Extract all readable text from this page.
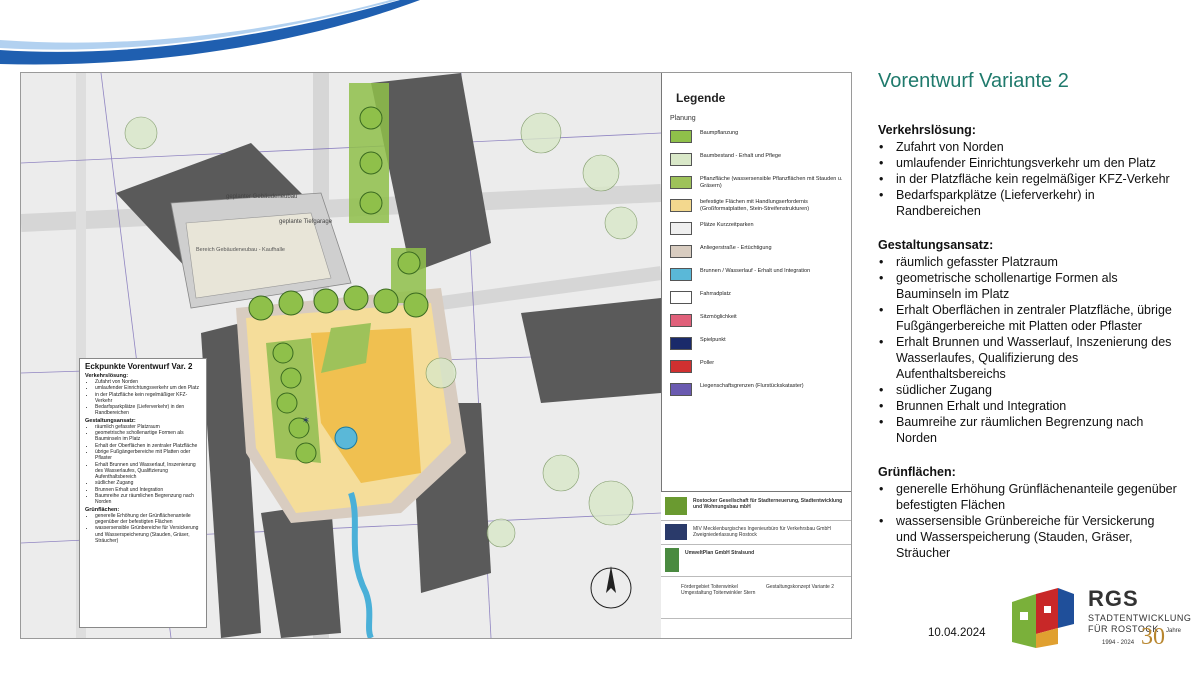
*
geplanter Gebäudeneubau
geplante Tiefgarage
Bereich Gebäudeneubau - Kaufhalle
Eckpunkte Vorentwurf Var. 2
Verkehrslösung:
• Zufahrt von Norden
• umlaufender Einrichtungsverkehr um den Platz
• in der Platzfläche kein regelmäßiger KFZ-Verkehr
• Bedarfsparkplätze (Lieferverkehr) in den Randbereichen
Gestaltungsansatz:
• räumlich gefasster Platzraum
• geometrische schollenartige Formen als Bauminseln im Platz
• Erhalt der Oberflächen in zentraler Platzfläche
• übrige Fußgängerbereiche mit Platten oder Pflaster
• Erhalt Brunnen und Wasserlauf, Inszenierung des Wasserlaufes, Qualifizierung Aufenthaltsbereich
• südlicher Zugang
• Brunnen Erhalt und Integration
• Baumreihe zur räumlichen Begrenzung nach Norden
Grünflächen:
• generelle Erhöhung der Grünflächenanteile gegenüber der befestigten Flächen
• wassersensible Grünbereiche für Versickerung und Wasserspeicherung (Stauden, Gräser, Sträucher)
Legende
Planung
Baumpflanzung
Baumbestand - Erhalt und Pflege
Pflanzfläche (wassersensible Pflanzflächen mit Stauden u. Gräsern)
befestigte Flächen mit Handlungserfordernis (Großformatplatten, Stein-Streifenstrukturen)
Plätze Kurzzeitparken
Anliegerstraße - Ertüchtigung
Brunnen / Wasserlauf - Erhalt und Integration
Fahrradplatz
Sitzmöglichkeit
Spielpunkt
Poller
Liegenschaftsgrenzen (Flurstückskataster)
Rostocker Gesellschaft für Stadterneuerung, Stadtentwicklung und Wohnungsbau mbH
MIV Mecklenburgisches Ingenieurbüro für Verkehrsbau GmbH Zweigniederlassung Rostock
UmweltPlan GmbH Stralsund
Fördergebiet Toitenwinkel Umgestaltung Toitenwinkler Stern
Gestaltungskonzept Variante 2
Vorentwurf Variante 2
Verkehrslösung:
• Zufahrt von Norden
• umlaufender Einrichtungsverkehr um den Platz
• in der Platzfläche kein regelmäßiger KFZ-Verkehr
• Bedarfsparkplätze (Lieferverkehr) in Randbereichen
Gestaltungsansatz:
• räumlich gefasster Platzraum
• geometrische schollenartige Formen als Bauminseln im Platz
• Erhalt Oberflächen in zentraler Platzfläche, übrige Fußgängerbereiche mit Platten oder Pflaster
• Erhalt Brunnen und Wasserlauf, Inszenierung des Wasserlaufes, Qualifizierung des Aufenthaltsbereichs
• südlicher Zugang
• Brunnen Erhalt und Integration
• Baumreihe zur räumlichen Begrenzung nach Norden
Grünflächen:
• generelle Erhöhung Grünflächenanteile gegenüber befestigten Flächen
• wassersensible Grünbereiche für Versickerung und Wasserspeicherung (Stauden, Gräser, Sträucher
10.04.2024
RGS
STADTENTWICKLUNG
FÜR ROSTOCK
1994 - 2024 30 Jahre
